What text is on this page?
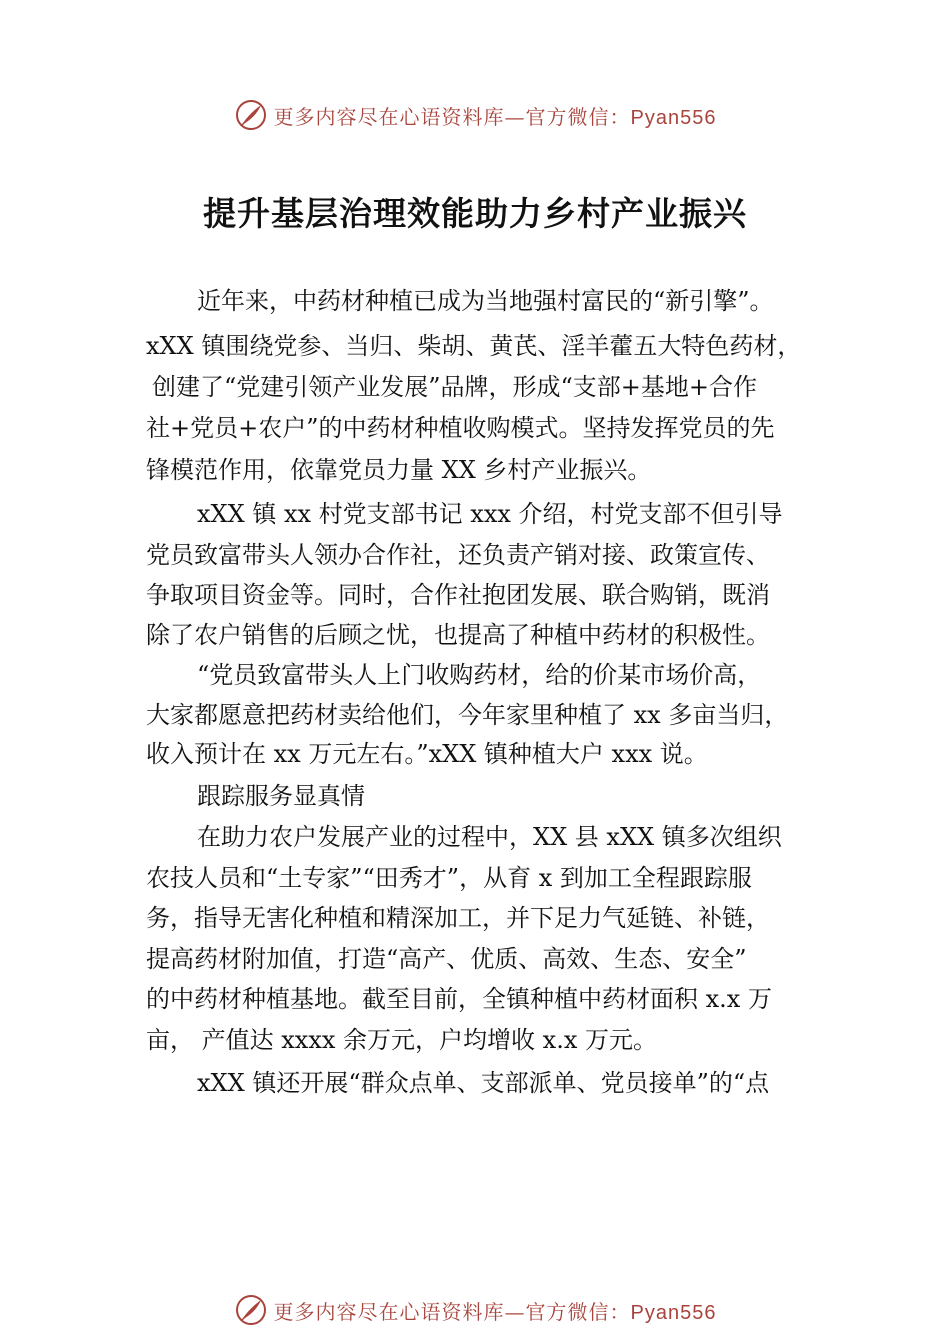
更多内容尽在心语资料库—官方微信：Pyan556
提升基层治理效能助力乡村产业振兴

近年来，中药材种植已成为当地强村富民的“新引擎”。

xXX 镇围绕党参、当归、柴胡、黄芪、淫羊藿五大特色药材，

创建了“党建引领产业发展”品牌，形成“支部+基地+合作

社+党员+农户”的中药材种植收购模式。坚持发挥党员的先

锋模范作用，依靠党员力量 XX 乡村产业振兴。

xXX 镇 xx 村党支部书记 xxx 介绍，村党支部不但引导

党员致富带头人领办合作社，还负责产销对接、政策宣传、

争取项目资金等。同时，合作社抱团发展、联合购销，既消

除了农户销售的后顾之忧，也提高了种植中药材的积极性。

“党员致富带头人上门收购药材，给的价某市场价高，

大家都愿意把药材卖给他们，今年家里种植了 xx 多亩当归，

收入预计在 xx 万元左右。”xXX 镇种植大户 xxx 说。

跟踪服务显真情

在助力农户发展产业的过程中，XX 县 xXX 镇多次组织

农技人员和“土专家”“田秀才”，从育 x 到加工全程跟踪服

务，指导无害化种植和精深加工，并下足力气延链、补链，

提高药材附加值，打造“高产、优质、高效、生态、安全”

的中药材种植基地。截至目前，全镇种植中药材面积 x.x 万

亩， 产值达 xxxx 余万元，户均增收 x.x 万元。

xXX 镇还开展“群众点单、支部派单、党员接单”的“点

更多内容尽在心语资料库—官方微信：Pyan556
